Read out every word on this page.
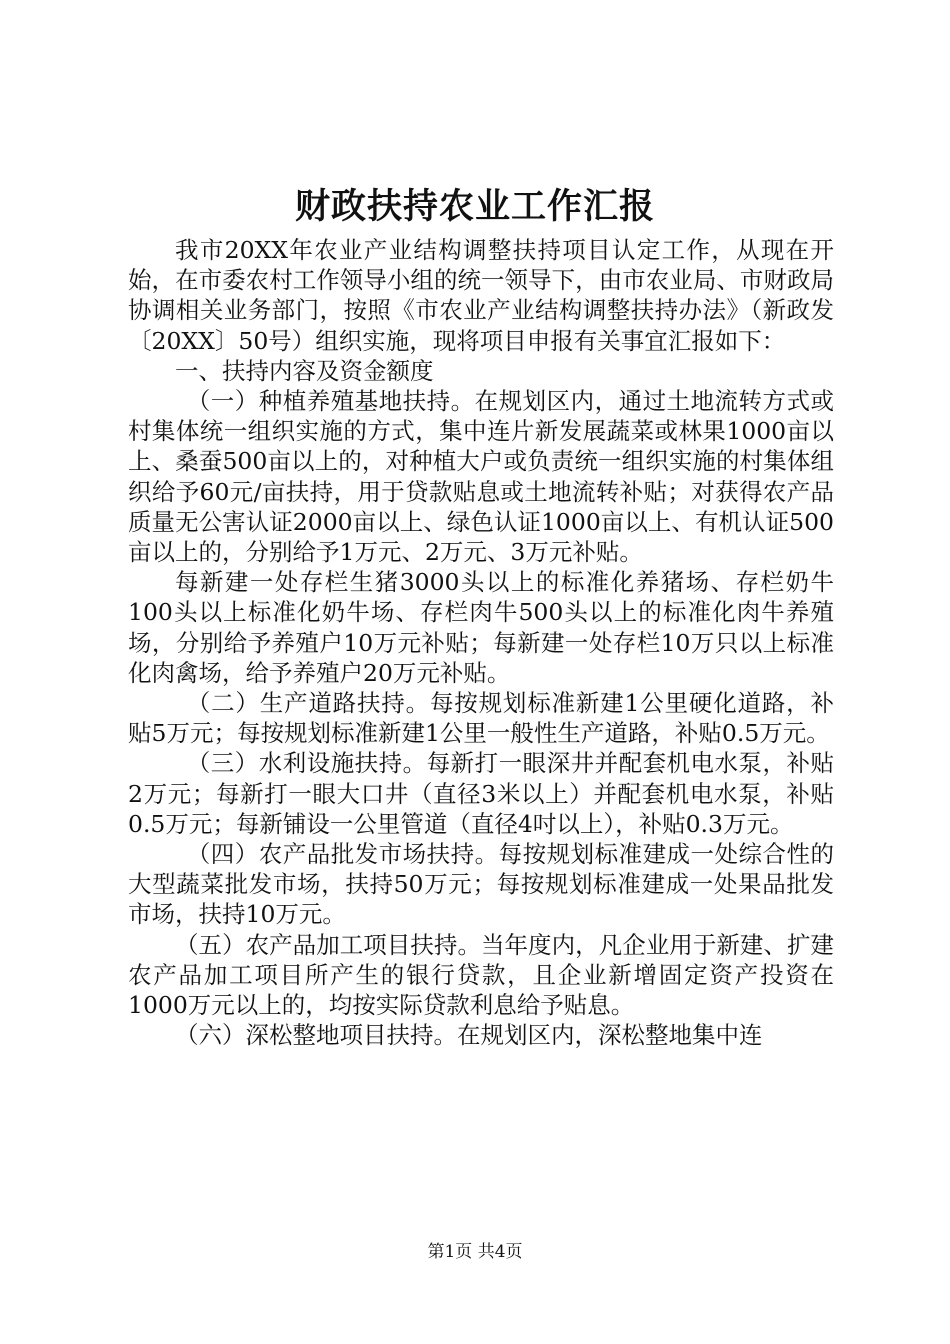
财政扶持农业工作汇报

我市20XX年农业产业结构调整扶持项目认定工作，从现在开始，在市委农村工作领导小组的统一领导下，由市农业局、市财政局协调相关业务部门，按照《市农业产业结构调整扶持办法》（新政发〔20XX〕50号）组织实施，现将项目申报有关事宜汇报如下：

一、扶持内容及资金额度

（一）种植养殖基地扶持。在规划区内，通过土地流转方式或村集体统一组织实施的方式，集中连片新发展蔬菜或林果1000亩以上、桑蚕500亩以上的，对种植大户或负责统一组织实施的村集体组织给予60元/亩扶持，用于贷款贴息或土地流转补贴；对获得农产品质量无公害认证2000亩以上、绿色认证1000亩以上、有机认证500亩以上的，分别给予1万元、2万元、3万元补贴。

每新建一处存栏生猪3000头以上的标准化养猪场、存栏奶牛100头以上标准化奶牛场、存栏肉牛500头以上的标准化肉牛养殖场，分别给予养殖户10万元补贴；每新建一处存栏10万只以上标准化肉禽场，给予养殖户20万元补贴。

（二）生产道路扶持。每按规划标准新建1公里硬化道路，补贴5万元；每按规划标准新建1公里一般性生产道路，补贴0.5万元。

（三）水利设施扶持。每新打一眼深井并配套机电水泵，补贴2万元；每新打一眼大口井（直径3米以上）并配套机电水泵，补贴0.5万元；每新铺设一公里管道（直径4吋以上），补贴0.3万元。

（四）农产品批发市场扶持。每按规划标准建成一处综合性的大型蔬菜批发市场，扶持50万元；每按规划标准建成一处果品批发市场，扶持10万元。

（五）农产品加工项目扶持。当年度内，凡企业用于新建、扩建农产品加工项目所产生的银行贷款，且企业新增固定资产投资在1000万元以上的，均按实际贷款利息给予贴息。

（六）深松整地项目扶持。在规划区内，深松整地集中连

第1页 共4页
